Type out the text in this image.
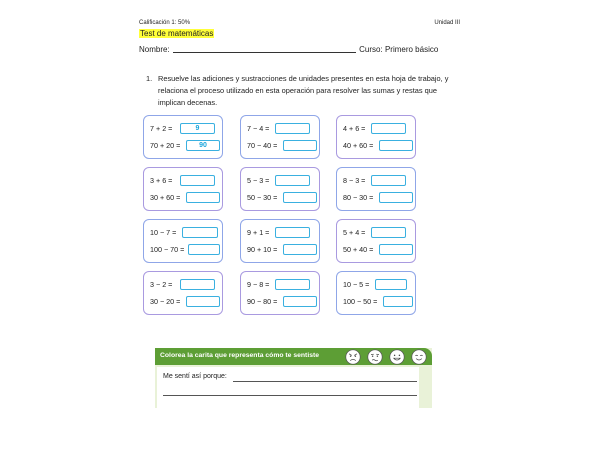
Calificación 1: 50%	Unidad III
Test de matemáticas
Nombre:	Curso: Primero básico
1. Resuelve las adiciones y sustracciones de unidades presentes en esta hoja de trabajo, y relaciona el proceso utilizado en esta operación para resolver las sumas y restas que implican decenas.
7 + 2 =	9
70 + 20 =	90
7 − 4 =
70 − 40 =
4 + 6 =
40 + 60 =
3 + 6 =
30 + 60 =
5 − 3 =
50 − 30 =
8 − 3 =
80 − 30 =
10 − 7 =
100 − 70 =
9 + 1 =
90 + 10 =
5 + 4 =
50 + 40 =
3 − 2 =
30 − 20 =
9 − 8 =
90 − 80 =
10 − 5 =
100 − 50 =
Colorea la carita que representa cómo te sentiste
Me sentí así porque:
